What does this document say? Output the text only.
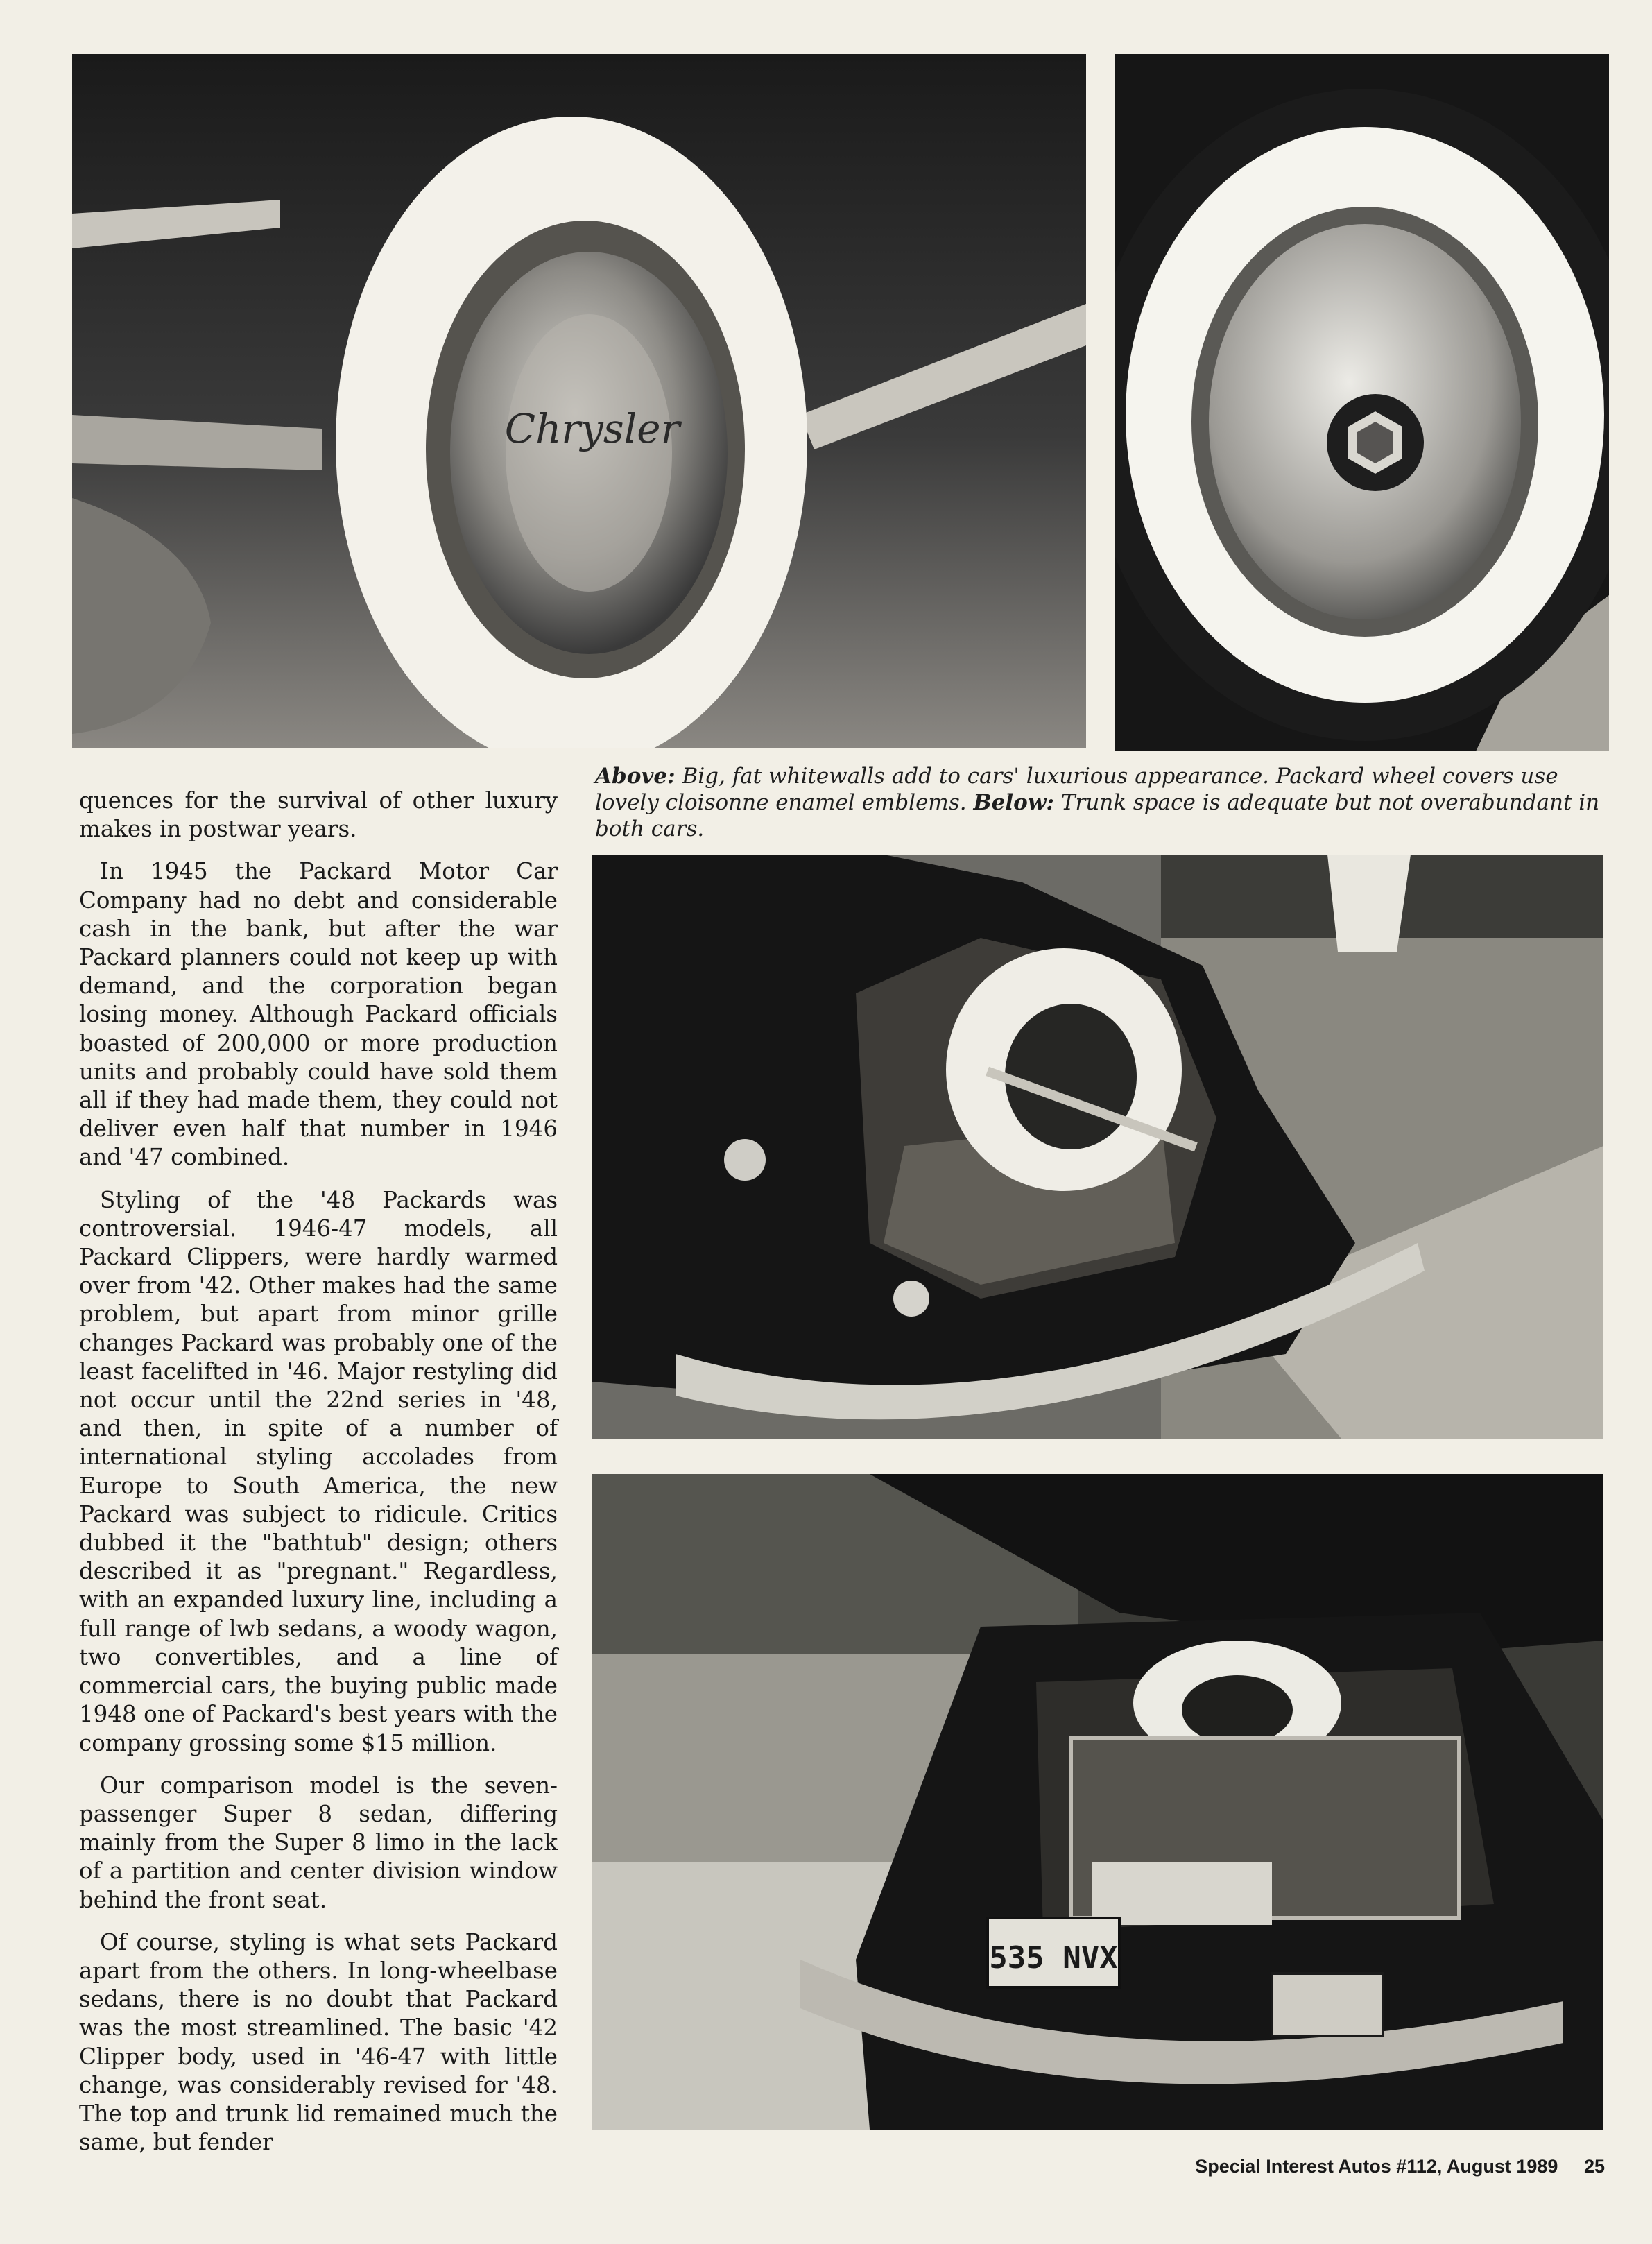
Chrysler
Above: Big, fat whitewalls add to cars' luxurious appearance. Packard wheel covers use lovely cloisonne enamel emblems. Below: Trunk space is adequate but not overabundant in both cars.
535 NVX

quences for the survival of other luxury makes in postwar years.

In 1945 the Packard Motor Car Company had no debt and considerable cash in the bank, but after the war Packard planners could not keep up with demand, and the corporation began losing money. Although Packard officials boasted of 200,000 or more production units and probably could have sold them all if they had made them, they could not deliver even half that number in 1946 and '47 combined.

Styling of the '48 Packards was controversial. 1946-47 models, all Packard Clippers, were hardly warmed over from '42. Other makes had the same problem, but apart from minor grille changes Packard was probably one of the least facelifted in '46. Major restyling did not occur until the 22nd series in '48, and then, in spite of a number of international styling accolades from Europe to South America, the new Packard was subject to ridicule. Critics dubbed it the "bathtub" design; others described it as "pregnant." Regardless, with an expanded luxury line, including a full range of lwb sedans, a woody wagon, two convertibles, and a line of commercial cars, the buying public made 1948 one of Packard's best years with the company grossing some $15 million.

Our comparison model is the seven-passenger Super 8 sedan, differing mainly from the Super 8 limo in the lack of a partition and center division window behind the front seat.

Of course, styling is what sets Packard apart from the others. In long-wheelbase sedans, there is no doubt that Packard was the most streamlined. The basic '42 Clipper body, used in '46-47 with little change, was considerably revised for '48. The top and trunk lid remained much the same, but fender

Special Interest Autos #112, August 1989 25
